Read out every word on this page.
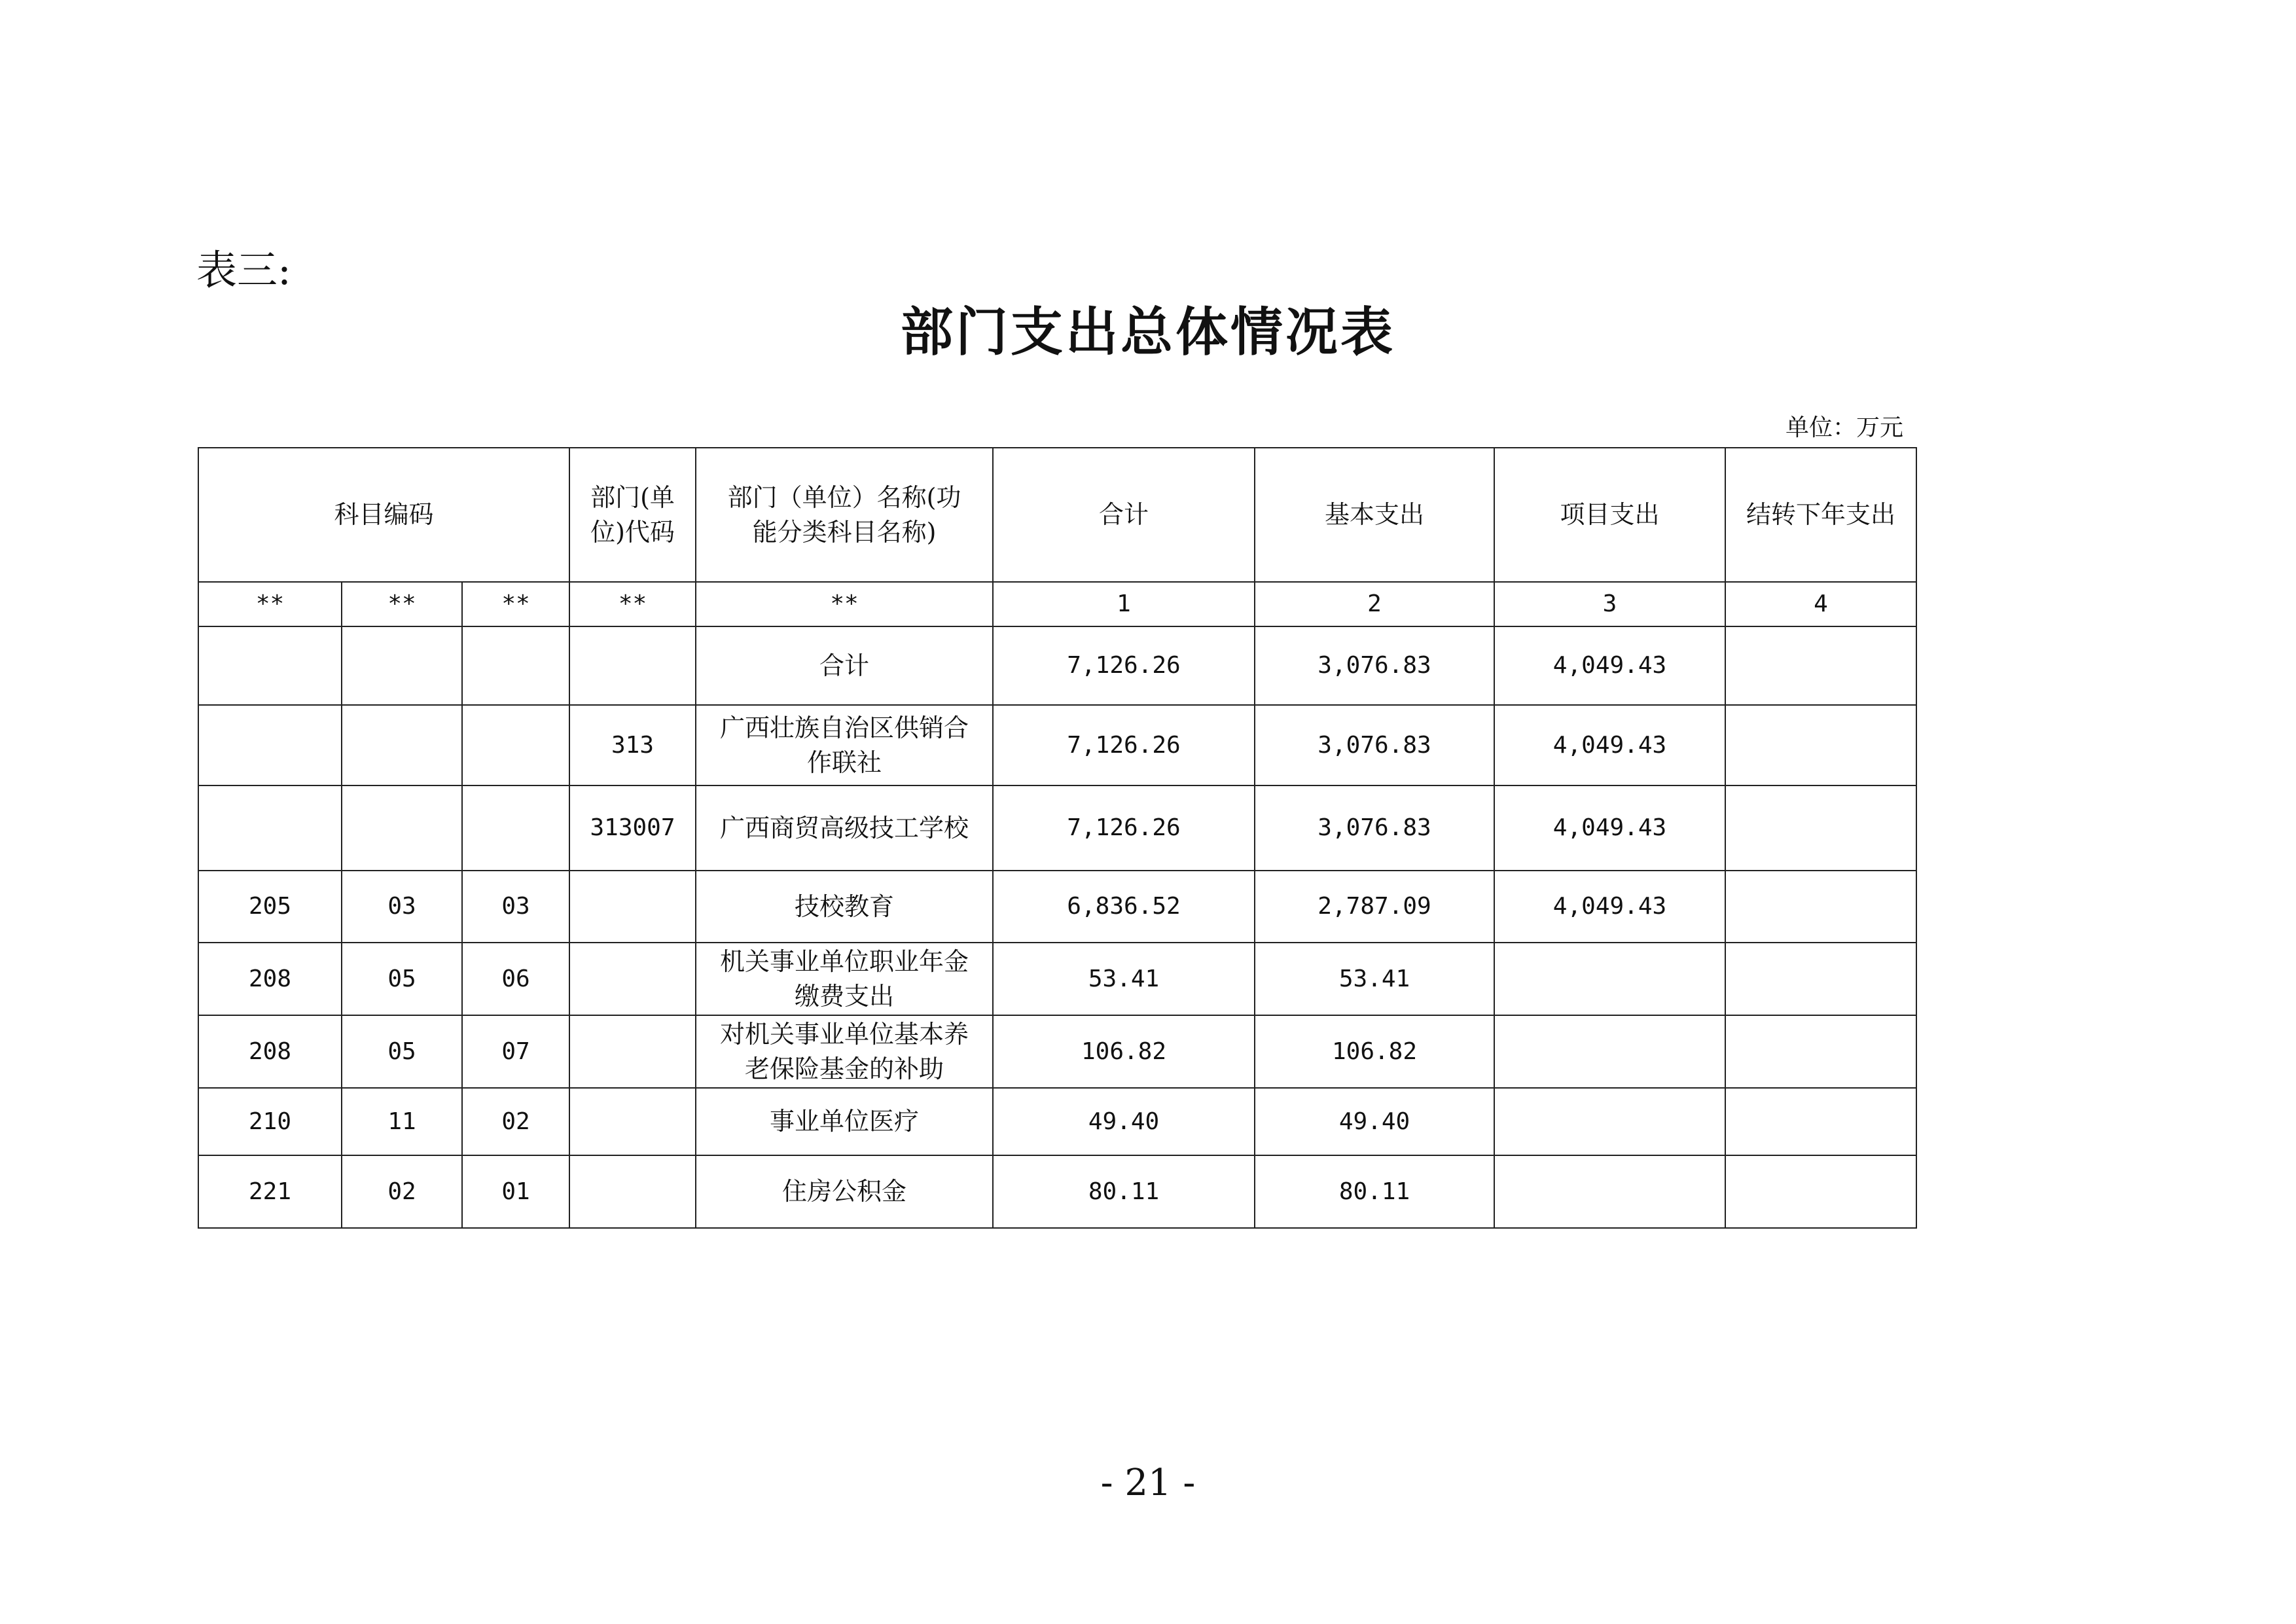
表三:
部门支出总体情况表
单位：万元
科目编码			部门(单位)代码	部门（单位）名称(功能分类科目名称)	合计	基本支出	项目支出	结转下年支出
**	**	**	**	**	1	2	3	4
				合计	7,126.26	3,076.83	4,049.43	
			313	广西壮族自治区供销合作联社	7,126.26	3,076.83	4,049.43	
			313007	广西商贸高级技工学校	7,126.26	3,076.83	4,049.43	
205	03	03		技校教育	6,836.52	2,787.09	4,049.43	
208	05	06		机关事业单位职业年金缴费支出	53.41	53.41		
208	05	07		对机关事业单位基本养老保险基金的补助	106.82	106.82		
210	11	02		事业单位医疗	49.40	49.40		
221	02	01		住房公积金	80.11	80.11		
- 21 -
